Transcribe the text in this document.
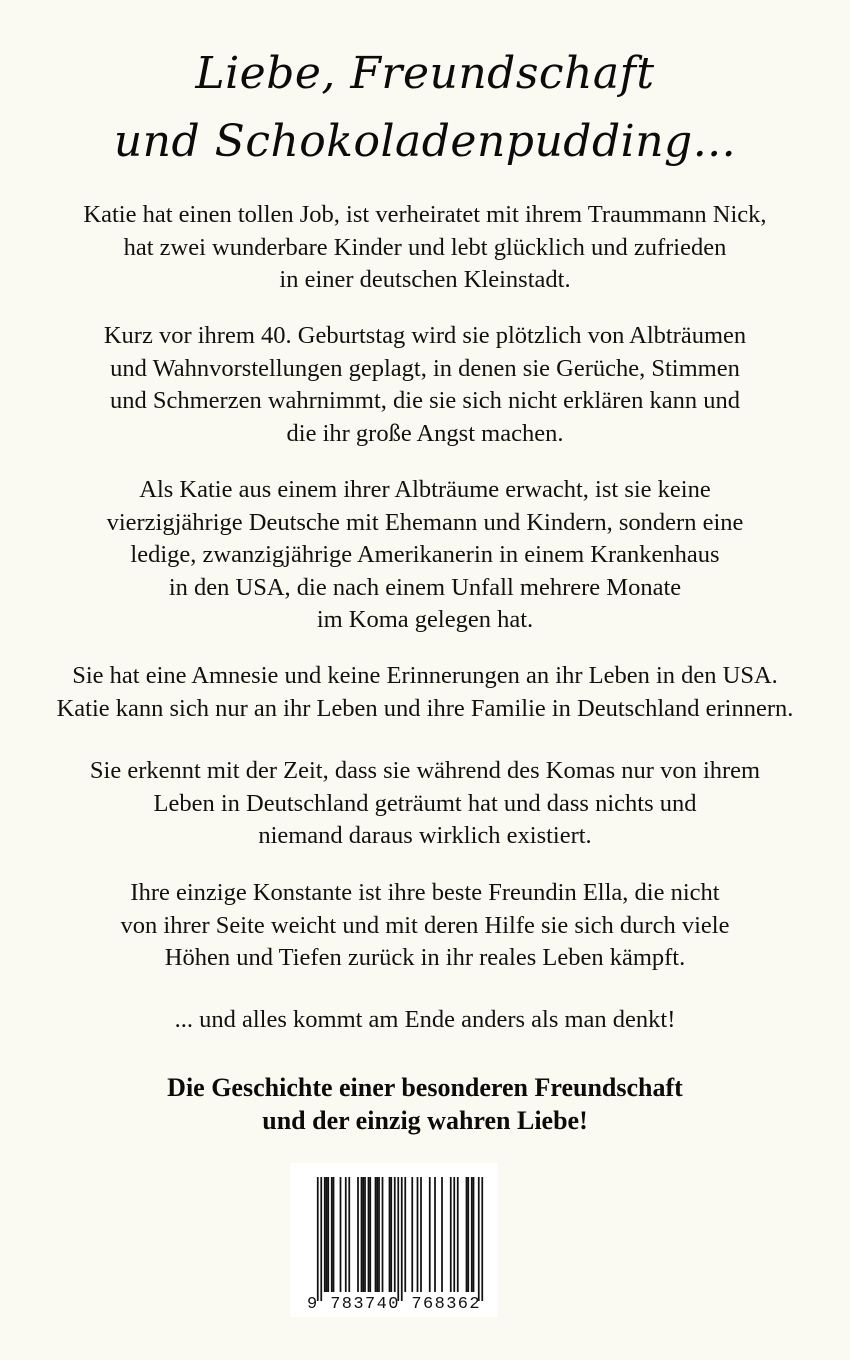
Liebe, Freundschaft
und Schokoladenpudding...
Katie hat einen tollen Job, ist verheiratet mit ihrem Traummann Nick,
hat zwei wunderbare Kinder und lebt glücklich und zufrieden
in einer deutschen Kleinstadt.
Kurz vor ihrem 40. Geburtstag wird sie plötzlich von Albträumen
und Wahnvorstellungen geplagt, in denen sie Gerüche, Stimmen
und Schmerzen wahrnimmt, die sie sich nicht erklären kann und
die ihr große Angst machen.
Als Katie aus einem ihrer Albträume erwacht, ist sie keine
vierzigjährige Deutsche mit Ehemann und Kindern, sondern eine
ledige, zwanzigjährige Amerikanerin in einem Krankenhaus
in den USA, die nach einem Unfall mehrere Monate
im Koma gelegen hat.
Sie hat eine Amnesie und keine Erinnerungen an ihr Leben in den USA.
Katie kann sich nur an ihr Leben und ihre Familie in Deutschland erinnern.
Sie erkennt mit der Zeit, dass sie während des Komas nur von ihrem
Leben in Deutschland geträumt hat und dass nichts und
niemand daraus wirklich existiert.
Ihre einzige Konstante ist ihre beste Freundin Ella, die nicht
von ihrer Seite weicht und mit deren Hilfe sie sich durch viele
Höhen und Tiefen zurück in ihr reales Leben kämpft.
... und alles kommt am Ende anders als man denkt!
Die Geschichte einer besonderen Freundschaft
und der einzig wahren Liebe!
9 783740 768362
